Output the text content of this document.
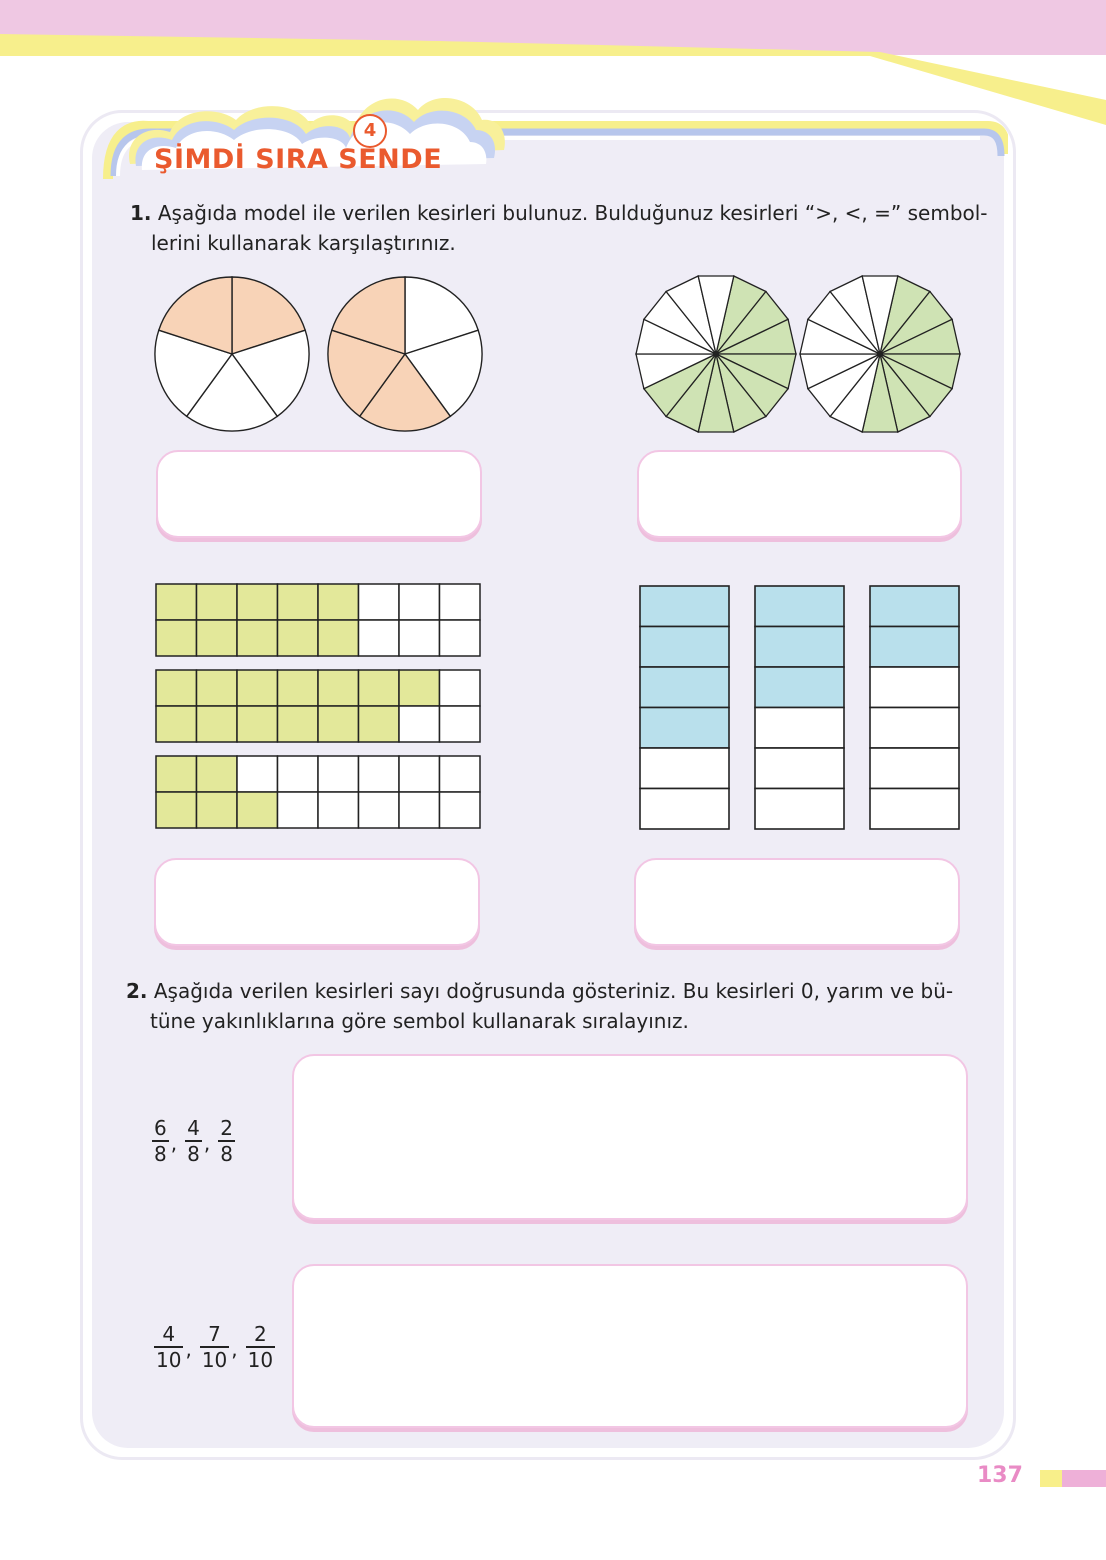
4
ŞİMDİ SIRA SENDE
1. Aşağıda model ile verilen kesirleri bulunuz. Bulduğunuz kesirleri “>, <, =” sembol-
lerini kullanarak karşılaştırınız.
2. Aşağıda verilen kesirleri sayı doğrusunda gösteriniz. Bu kesirleri 0, yarım ve bü-
tüne yakınlıklarına göre sembol kullanarak sıralayınız.
$\frac{6}{8}$ , $\frac{4}{8}$ , $\frac{2}{8}$
$\frac{4}{10}$ , $\frac{7}{10}$ , $\frac{2}{10}$
137
